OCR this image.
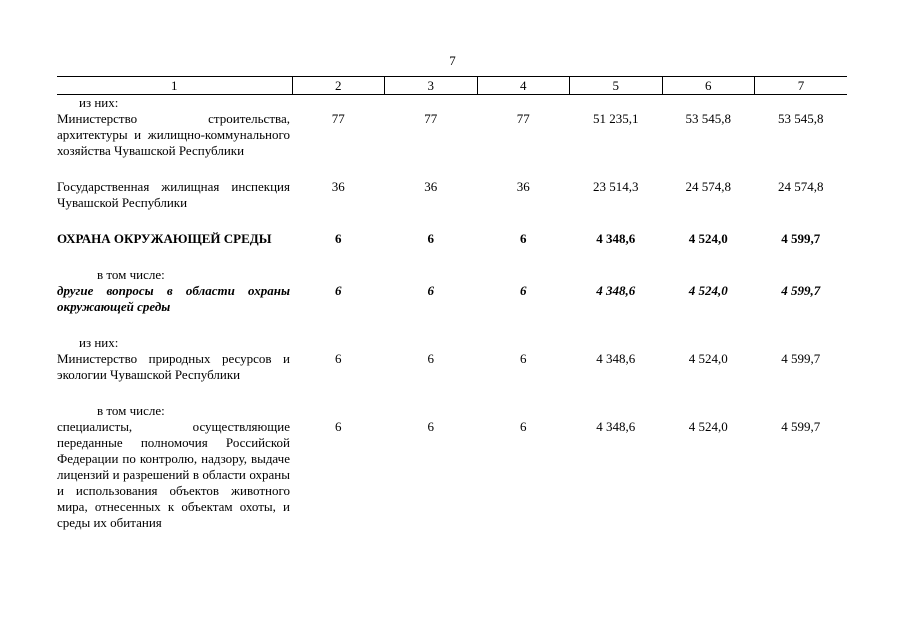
7
1	2	3	4	5	6	7

из них:						

Министерство строительства, архитектуры и жилищно-коммунального хозяйства Чувашской Республики	77	77	77	51 235,1	53 545,8	53 545,8

Государственная жилищная инспекция Чувашской Республики	36	36	36	23 514,3	24 574,8	24 574,8

ОХРАНА ОКРУЖАЮЩЕЙ СРЕДЫ	6	6	6	4 348,6	4 524,0	4 599,7

в том числе:						

другие вопросы в области охраны окружающей среды	6	6	6	4 348,6	4 524,0	4 599,7

из них:						

Министерство природных ресурсов и экологии Чувашской Республики	6	6	6	4 348,6	4 524,0	4 599,7

в том числе:						

специалисты, осуществляющие переданные полномочия Российской Федерации по контролю, надзору, выдаче лицензий и разрешений в области охраны и использования объектов животного мира, отнесенных к объектам охоты, и среды их обитания	6	6	6	4 348,6	4 524,0	4 599,7
